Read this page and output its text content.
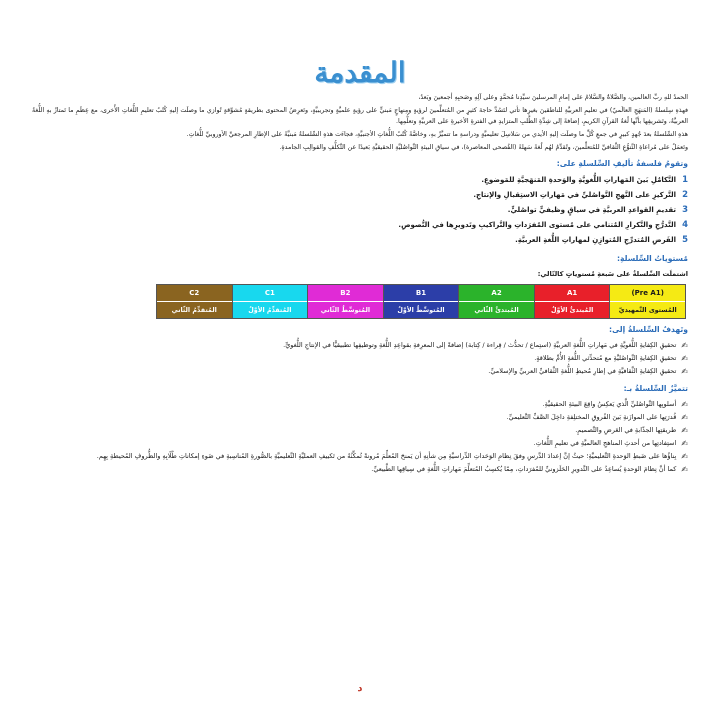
المقدمة

الحمدُ للهِ ربِّ العالمين، والصَّلاةُ والسَّلامُ على إمامِ المرسلينَ سيِّدِنا مُحمَّدٍ وعلى آلِهِ وصَحبِهِ أجمعينَ وبَعدُ،

فهذهِ سِلسلةُ (المَنهَجِ العالَميّ) في تعليمِ العربيَّةِ للناطقينَ بغيرِها تأتي لتَسُدَّ حاجةَ كثيرٍ من المُتعلِّمينَ لرؤيةٍ ومِنهاجٍ مَبنيٍّ على رؤيةٍ علميَّةٍ وتجريبيَّةٍ، وتَعرِضُ المحتوى بطريقةٍ مُشوِّقةٍ تُوازي ما وصلَت إليهِ كُتُبُ تعليمِ اللُّغاتِ الأُخرى، مع عِظَمِ ما تَمتازُ بهِ اللُّغةُ العربيَّةُ، وتَشريفِها بأنَّها لُغةُ القرآنِ الكريمِ، إضافةً إلى شِدَّةِ الطَّلبِ المتزايدِ في الفترةِ الأخيرةِ على العربيَّةِ وتعلُّمِها.

هذهِ السِّلسلةُ بعدَ جُهدٍ كبيرٍ في جمعِ كُلِّ ما وصلَت إليهِ الأيدي من سَلاسِلَ تعليميَّةٍ ودراسةِ ما تتميَّزُ بهِ، وخاصَّةً كُتُبُ اللُّغاتِ الأجنبيَّةِ، فجاءَت هذهِ السِّلسلةُ مَبنيَّةً على الإطارِ المرجعيِّ الأوروبيِّ للُّغاتِ.

وتَعمَلُ على مُراعاةِ التَّنوُّعِ الثَّقافيِّ للمُتعلِّمينَ، وتُقدِّمُ لهُم لُغةً سَهلةً (الفُصحى المعاصرة)، في سياقِ البيئةِ التَّواصُليَّةِ الحقيقيَّةِ بَعيدًا عن التَّكلُّفِ والقوالِبِ الجامدةِ.

وتقومُ فلسفةُ تأليفِ السِّلسلةِ على:
1
التَّكامُلِ بَينَ المَهاراتِ اللُّغويَّةِ والوَحدةِ المَنهَجيَّةِ للمَوضوعِ.
2
التَّركيزِ على النَّهجِ التَّواصُليِّ في مَهاراتِ الاستِقبالِ والإنتاجِ.
3
تقديمِ القواعدِ العربيَّةِ في سياقٍ وظيفيٍّ تواصُليٍّ.
4
التَّدرُّجِ والتَّكرارِ المُتنامي على مُستوى المُفرَداتِ والتَّراكيبِ وتَدويرِها في النُّصوصِ.
5
الفَرضِ المُتدرِّجِ المُتوازِنِ لمهاراتِ اللُّغةِ العربيَّةِ.
مُستوياتُ السِّلسلةِ:
اشتملَت السِّلسلةُ على سَبعةِ مُستوياتٍ كالتّالي:
(Pre A1)
المُستوى التَّمهيديّ
A1
المُبتدئُ الأوَّلُ
A2
المُبتدئُ الثّاني
B1
المُتوسِّطُ الأوَّلُ
B2
المُتوسِّطُ الثّاني
C1
المُتقدِّمُ الأوَّلُ
C2
المُتقدِّمُ الثّاني
وتَهدفُ السِّلسلةُ إلى:
✍
تحقيقِ الكِفايةِ اللُّغويَّةِ في مَهاراتِ اللُّغةِ العربيَّةِ (استِماع / تحدُّث / قِراءة / كِتابة) إضافةً إلى المعرِفةِ بقواعِدِ اللُّغةِ وتوظيفِها تطبيقيًّا في الإنتاجِ اللُّغويِّ.
✍
تحقيقِ الكِفايةِ التَّواصُليَّةِ مع مُتحدِّثي اللُّغةِ الأُمِّ بطلاقةٍ.
✍
تحقيقِ الكِفايةِ الثَّقافيَّةِ في إطارِ مُحيطِ اللُّغةِ الثَّقافيِّ العربيِّ والإسلاميِّ.
تتميَّزُ السِّلسلةُ بـ:
✍
أسلوبِها التَّواصُليِّ الَّذي يَعكِسُ واقِعَ البيئةِ الحقيقيَّةِ.
✍
قُدرَتِها على الموازَنةِ بَينَ الفُروقِ المختلِفةِ داخِلَ الصَّفِّ التَّعليميِّ.
✍
طريقتِها الجذّابةِ في العَرضِ والتَّصميمِ.
✍
استِفادتِها من أحدثِ المناهجِ العالميَّةِ في تعليمِ اللُّغاتِ.
✍
بِناؤُها على ضَبطِ الوَحدةِ التَّعليميَّةِ؛ حيثُ إنَّ إعدادَ الدَّرسِ وفقَ نِظامِ الوَحَداتِ الدِّراسيَّةِ مِن شأنِهِ أن يَمنحَ المُعلِّمَ مُرونةً تُمكِّنُهُ من تَكييفِ العمليَّةِ التَّعليميَّةِ بالصُّورةِ المُناسِبةِ في ضَوءِ إمكاناتِ طُلّابِهِ والظُّروفِ المُحيطةِ بِهِم.
✍
كما أنَّ نِظامَ الوَحدةِ يُساعِدُ على التَّدويرِ الحَلَزونيِّ للمُفرَداتِ، مِمّا يُكسِبُ المُتعلِّمَ مَهاراتِ اللُّغةِ في سِياقِها الطَّبيعيِّ.
د
